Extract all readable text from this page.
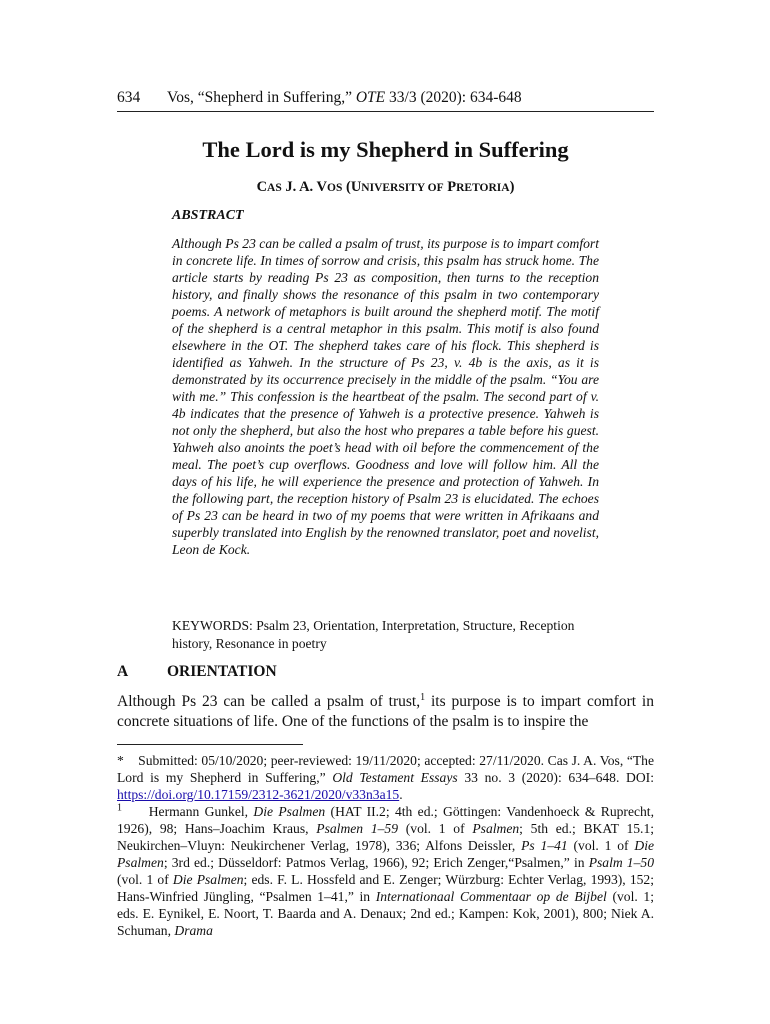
634 Vos, “Shepherd in Suffering,” OTE 33/3 (2020): 634-648
The Lord is my Shepherd in Suffering
CAS J. A. VOS (UNIVERSITY OF PRETORIA)
ABSTRACT

Although Ps 23 can be called a psalm of trust, its purpose is to impart comfort in concrete life. In times of sorrow and crisis, this psalm has struck home. The article starts by reading Ps 23 as composition, then turns to the reception history, and finally shows the resonance of this psalm in two contemporary poems. A network of metaphors is built around the shepherd motif. The motif of the shepherd is a central metaphor in this psalm. This motif is also found elsewhere in the OT. The shepherd takes care of his flock. This shepherd is identified as Yahweh. In the structure of Ps 23, v. 4b is the axis, as it is demonstrated by its occurrence precisely in the middle of the psalm. “You are with me.” This confession is the heartbeat of the psalm. The second part of v. 4b indicates that the presence of Yahweh is a protective presence. Yahweh is not only the shepherd, but also the host who prepares a table before his guest. Yahweh also anoints the poet’s head with oil before the commencement of the meal. The poet’s cup overflows. Goodness and love will follow him. All the days of his life, he will experience the presence and protection of Yahweh. In the following part, the reception history of Psalm 23 is elucidated. The echoes of Ps 23 can be heard in two of my poems that were written in Afrikaans and superbly translated into English by the renowned translator, poet and novelist, Leon de Kock.

KEYWORDS: Psalm 23, Orientation, Interpretation, Structure, Reception history, Resonance in poetry

A	ORIENTATION

Although Ps 23 can be called a psalm of trust,$^1$ its purpose is to impart comfort in concrete situations of life. One of the functions of the psalm is to inspire the

* Submitted: 05/10/2020; peer-reviewed: 19/11/2020; accepted: 27/11/2020. Cas J. A. Vos, “The Lord is my Shepherd in Suffering,” Old Testament Essays 33 no. 3 (2020): 634–648. DOI: https://doi.org/10.17159/2312-3621/2020/v33n3a15.

$^1$ Hermann Gunkel, Die Psalmen (HAT II.2; 4th ed.; Göttingen: Vandenhoeck & Ruprecht, 1926), 98; Hans–Joachim Kraus, Psalmen 1–59 (vol. 1 of Psalmen; 5th ed.; BKAT 15.1; Neukirchen–Vluyn: Neukirchener Verlag, 1978), 336; Alfons Deissler, Ps 1–41 (vol. 1 of Die Psalmen; 3rd ed.; Düsseldorf: Patmos Verlag, 1966), 92; Erich Zenger,“Psalmen,” in Psalm 1–50 (vol. 1 of Die Psalmen; eds. F. L. Hossfeld and E. Zenger; Würzburg: Echter Verlag, 1993), 152; Hans-Winfried Jüngling, “Psalmen 1–41,” in Internationaal Commentaar op de Bijbel (vol. 1; eds. E. Eynikel, E. Noort, T. Baarda and A. Denaux; 2nd ed.; Kampen: Kok, 2001), 800; Niek A. Schuman, Drama
